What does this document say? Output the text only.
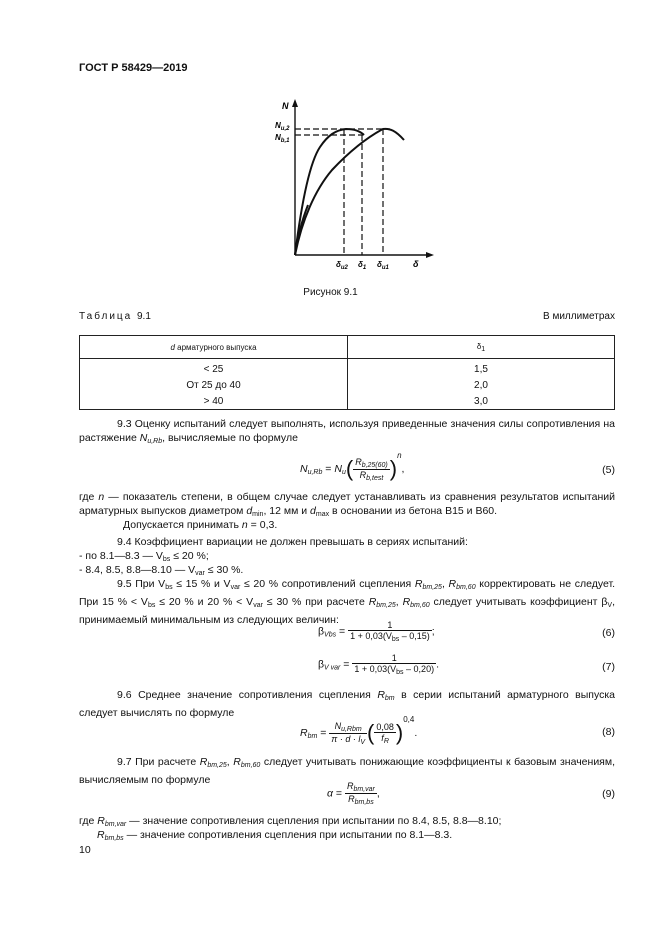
ГОСТ Р 58429—2019
N
$N_{u,2}$
$N_{b,1}$
$\delta_{u2}$ $\delta_1$ $\delta_{u1}$	δ
Рисунок 9.1
Таблица 9.1	В миллиметрах
d арматурного выпуска	$\delta_1$
< 25	1,5
От 25 до 40	2,0
> 40	3,0
9.3 Оценку испытаний следует выполнять, используя приведенные значения силы сопротивления на растяжение $N_{u,Rb}$, вычисляемые по формуле
$N_{u,Rb} = N_u( \frac{R_{b,25(60)}}{R_{b,test}} )^n$,	(5)
где n — показатель степени, в общем случае следует устанавливать из сравнения результатов испытаний арматурных выпусков диаметром $d_{min}$, 12 мм и $d_{max}$ в основании из бетона В15 и В60.
Допускается принимать n = 0,3.
9.4 Коэффициент вариации не должен превышать в сериях испытаний:
- по 8.1—8.3 — $V_{bs} \le 20$ %;
- 8.4, 8.5, 8.8—8.10 — $V_{var} \le 30$ %.
9.5 При $V_{bs} \le 15$ % и $V_{var} \le 20$ % сопротивлений сцепления $R_{bm,25}$, $R_{bm,60}$ корректировать не следует. При 15 % < $V_{bs} \le 20$ % и 20 % < $V_{var} \le 30$ % при расчете $R_{bm,25}$, $R_{bm,60}$ следует учитывать коэффициент $\beta_V$, принимаемый минимальным из следующих величин:
$\beta_{Vbs} = \frac{1}{1 + 0,03(V_{bs} - 0,15)}$ ;	(6)
$\beta_{V var} = \frac{1}{1 + 0,03(V_{bs} - 0,20)}$ .	(7)
9.6 Среднее значение сопротивления сцепления $R_{bm}$ в серии испытаний арматурного выпуска следует вычислять по формуле
$R_{bm} = \frac{N_{u,Rbm}}{\pi \cdot d \cdot l_V}$ ( $\frac{0,08}{f_R} )^{0,4}$.	(8)
9.7 При расчете $R_{bm,25}$, $R_{bm,60}$ следует учитывать понижающие коэффициенты к базовым значениям, вычисляемым по формуле
$\alpha = \frac{R_{bm,var}}{R_{bm,bs}}$ ,	(9)
где $R_{bm,var}$ — значение сопротивления сцепления при испытании по 8.4, 8.5, 8.8—8.10;
$R_{bm,bs}$ — значение сопротивления сцепления при испытании по 8.1—8.3.
10
